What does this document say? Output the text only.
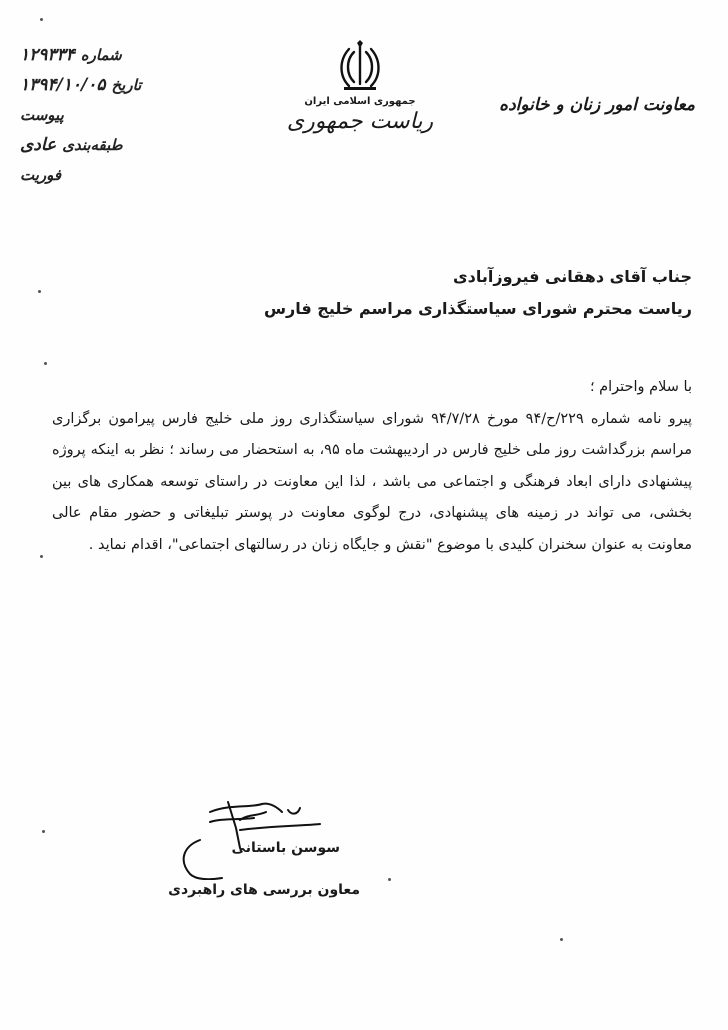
شماره
۱۲۹۳۳۴
تاریخ
۱۳۹۴/۱۰/۰۵
پیوست
طبقه‌بندی
عادی
فوریت
جمهوری اسلامی ایران
ریاست جمهوری
معاونت امور زنان و خانواده
جناب آقای دهقانی فیروزآبادی
ریاست محترم شورای سیاستگذاری مراسم خلیج فارس

با سلام واحترام ؛

پیرو نامه شماره ۲۲۹/ح/۹۴ مورخ ۹۴/۷/۲۸ شورای سیاستگذاری روز ملی خلیج فارس پیرامون برگزاری مراسم بزرگداشت روز ملی خلیج فارس در اردیبهشت ماه ۹۵، به استحضار می رساند ؛ نظر به اینکه پروژه پیشنهادی دارای ابعاد فرهنگی و اجتماعی می باشد ، لذا این معاونت در راستای توسعه همکاری های بین بخشی، می تواند در زمینه های پیشنهادی، درج لوگوی معاونت در پوستر تبلیغاتی و حضور مقام عالی معاونت به عنوان سخنران کلیدی با موضوع "نقش و جایگاه زنان در رسالتهای اجتماعی"، اقدام نماید .

سوسن باستانی
معاون بررسی های راهبردی
